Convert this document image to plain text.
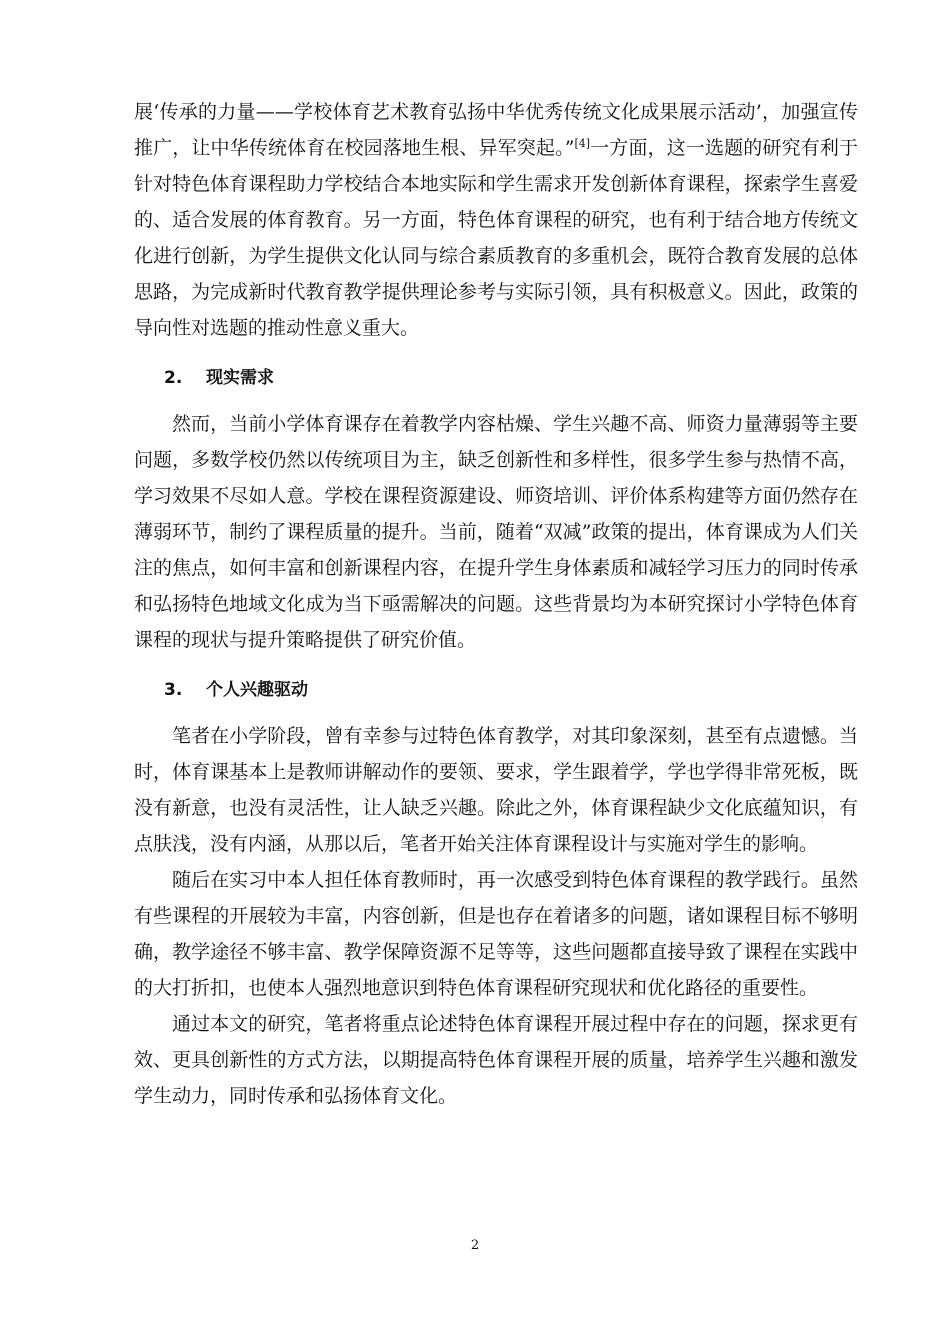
展‘传承的力量——学校体育艺术教育弘扬中华优秀传统文化成果展示活动’，加强宣传推广，让中华传统体育在校园落地生根、异军突起。”[4]一方面，这一选题的研究有利于针对特色体育课程助力学校结合本地实际和学生需求开发创新体育课程，探索学生喜爱的、适合发展的体育教育。另一方面，特色体育课程的研究，也有利于结合地方传统文化进行创新，为学生提供文化认同与综合素质教育的多重机会，既符合教育发展的总体思路，为完成新时代教育教学提供理论参考与实际引领，具有积极意义。因此，政策的导向性对选题的推动性意义重大。

2. 现实需求

然而，当前小学体育课存在着教学内容枯燥、学生兴趣不高、师资力量薄弱等主要问题，多数学校仍然以传统项目为主，缺乏创新性和多样性，很多学生参与热情不高，学习效果不尽如人意。学校在课程资源建设、师资培训、评价体系构建等方面仍然存在薄弱环节，制约了课程质量的提升。当前，随着“双减”政策的提出，体育课成为人们关注的焦点，如何丰富和创新课程内容，在提升学生身体素质和减轻学习压力的同时传承和弘扬特色地域文化成为当下亟需解决的问题。这些背景均为本研究探讨小学特色体育课程的现状与提升策略提供了研究价值。

3. 个人兴趣驱动

笔者在小学阶段，曾有幸参与过特色体育教学，对其印象深刻，甚至有点遗憾。当时，体育课基本上是教师讲解动作的要领、要求，学生跟着学，学也学得非常死板，既没有新意，也没有灵活性，让人缺乏兴趣。除此之外，体育课程缺少文化底蕴知识，有点肤浅，没有内涵，从那以后，笔者开始关注体育课程设计与实施对学生的影响。

随后在实习中本人担任体育教师时，再一次感受到特色体育课程的教学践行。虽然有些课程的开展较为丰富，内容创新，但是也存在着诸多的问题，诸如课程目标不够明确，教学途径不够丰富、教学保障资源不足等等，这些问题都直接导致了课程在实践中的大打折扣，也使本人强烈地意识到特色体育课程研究现状和优化路径的重要性。

通过本文的研究，笔者将重点论述特色体育课程开展过程中存在的问题，探求更有效、更具创新性的方式方法，以期提高特色体育课程开展的质量，培养学生兴趣和激发学生动力，同时传承和弘扬体育文化。

2
